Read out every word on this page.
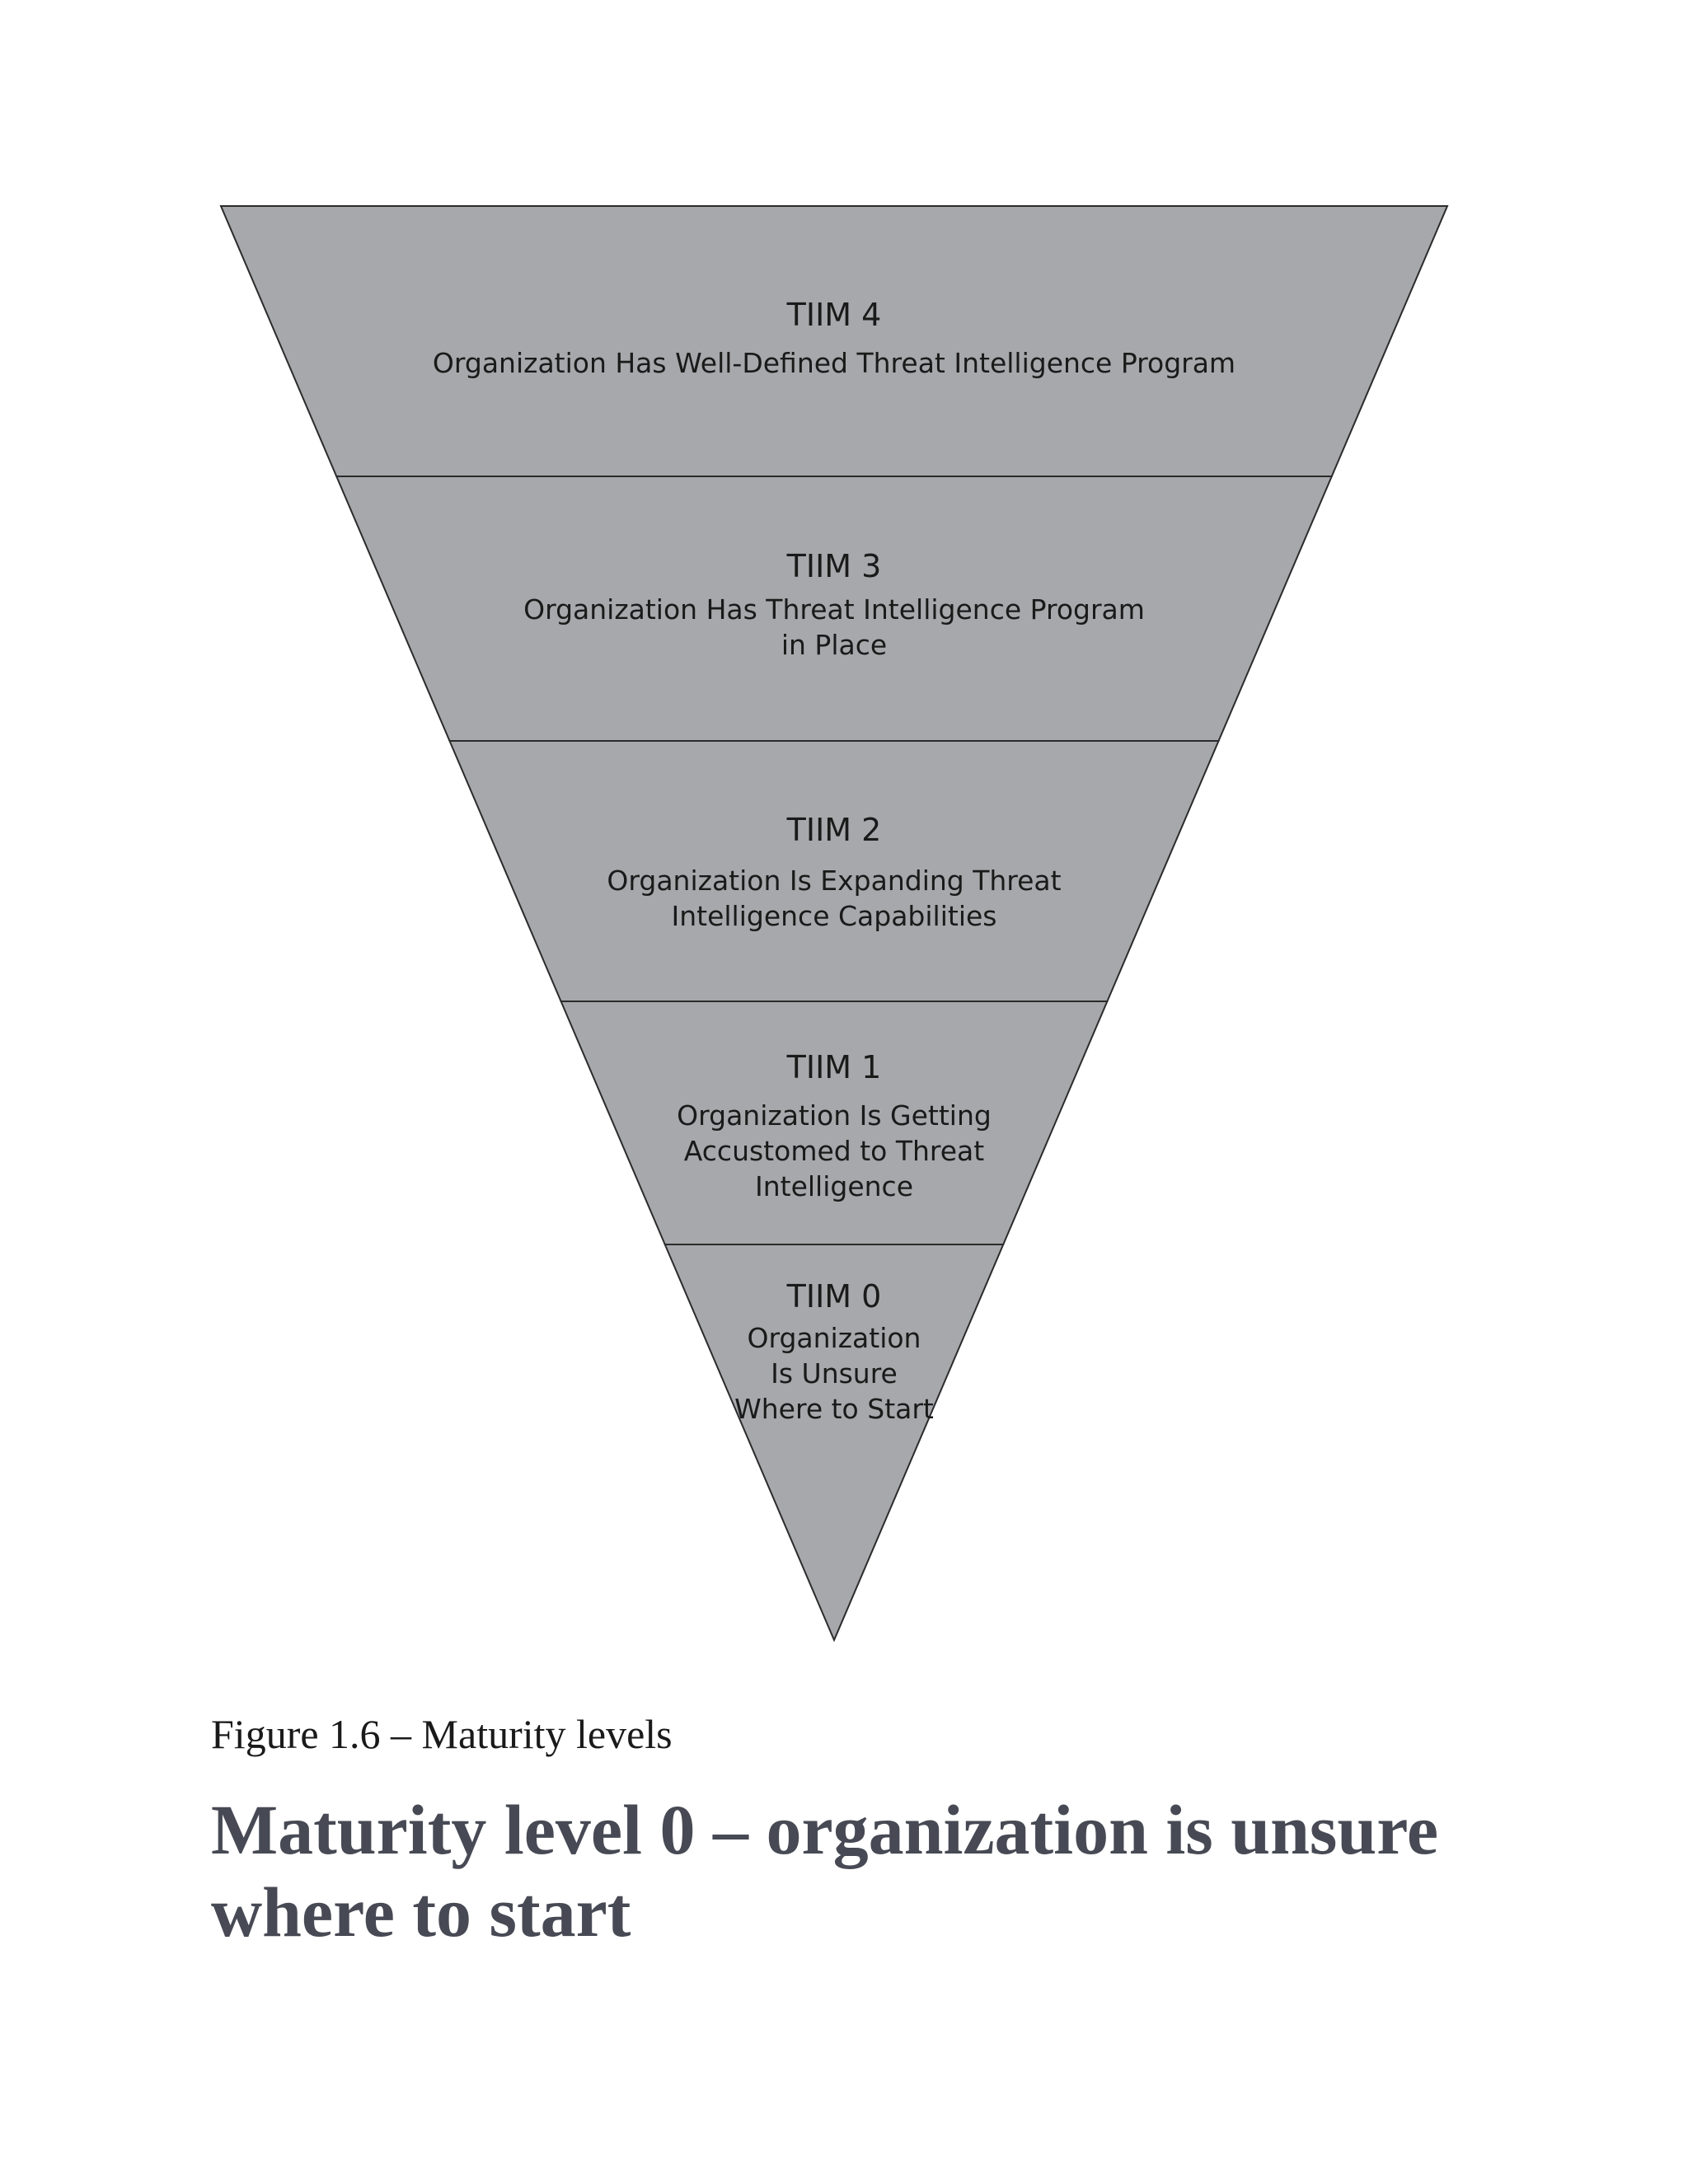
TIIM 4
Organization Has Well-Defined Threat Intelligence Program
TIIM 3
Organization Has Threat Intelligence Program
in Place
TIIM 2
Organization Is Expanding Threat
Intelligence Capabilities
TIIM 1
Organization Is Getting
Accustomed to Threat
Intelligence
TIIM 0
Organization
Is Unsure
Where to Start

Figure 1.6 – Maturity levels

Maturity level 0 – organization is unsure where to start
